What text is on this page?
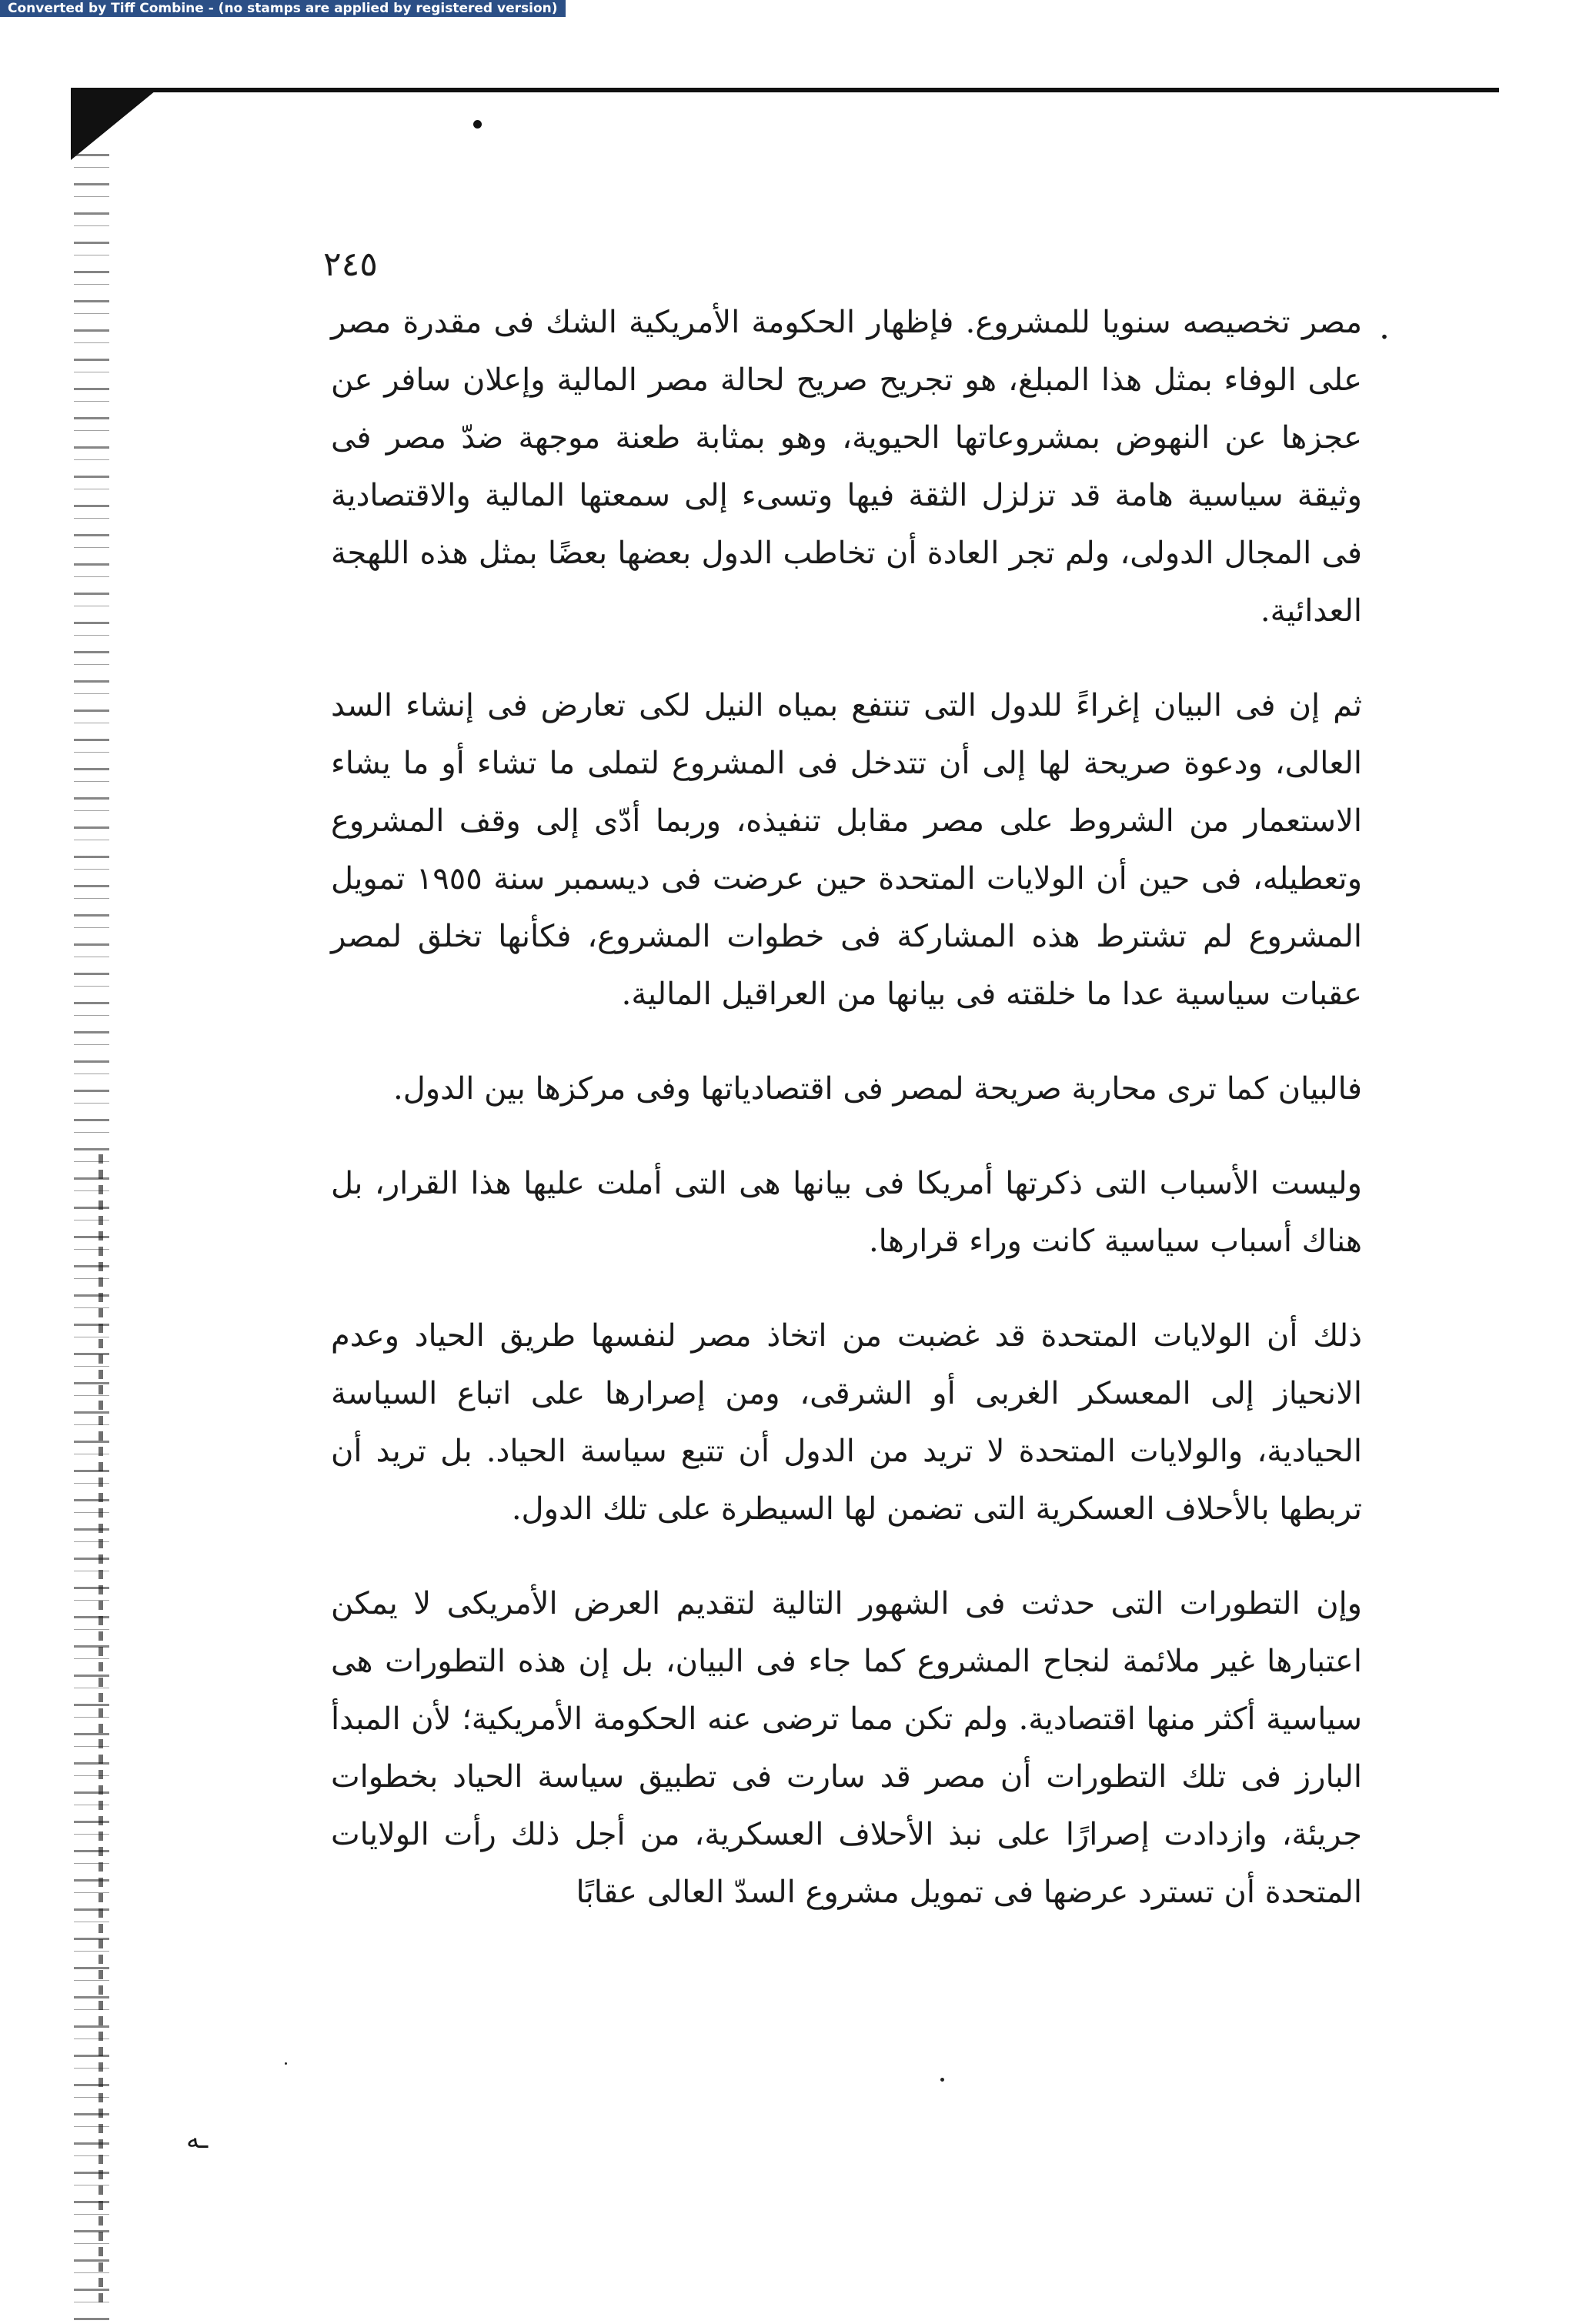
Converted by Tiff Combine - (no stamps are applied by registered version)
٢٤٥
.

مصر تخصيصه سنويا للمشروع. فإظهار الحكومة الأمريكية الشك فى مقدرة مصر على الوفاء بمثل هذا المبلغ، هو تجريح صريح لحالة مصر المالية وإعلان سافر عن عجزها عن النهوض بمشروعاتها الحيوية، وهو بمثابة طعنة موجهة ضدّ مصر فى وثيقة سياسية هامة قد تزلزل الثقة فيها وتسىء إلى سمعتها المالية والاقتصادية فى المجال الدولى، ولم تجر العادة أن تخاطب الدول بعضها بعضًا بمثل هذه اللهجة العدائية.

ثم إن فى البيان إغراءً للدول التى تنتفع بمياه النيل لكى تعارض فى إنشاء السد العالى، ودعوة صريحة لها إلى أن تتدخل فى المشروع لتملى ما تشاء أو ما يشاء الاستعمار من الشروط على مصر مقابل تنفيذه، وربما أدّى إلى وقف المشروع وتعطيله، فى حين أن الولايات المتحدة حين عرضت فى ديسمبر سنة ١٩٥٥ تمويل المشروع لم تشترط هذه المشاركة فى خطوات المشروع، فكأنها تخلق لمصر عقبات سياسية عدا ما خلقته فى بيانها من العراقيل المالية.

فالبيان كما ترى محاربة صريحة لمصر فى اقتصادياتها وفى مركزها بين الدول.

وليست الأسباب التى ذكرتها أمريكا فى بيانها هى التى أملت عليها هذا القرار، بل هناك أسباب سياسية كانت وراء قرارها.

ذلك أن الولايات المتحدة قد غضبت من اتخاذ مصر لنفسها طريق الحياد وعدم الانحياز إلى المعسكر الغربى أو الشرقى، ومن إصرارها على اتباع السياسة الحيادية، والولايات المتحدة لا تريد من الدول أن تتبع سياسة الحياد. بل تريد أن تربطها بالأحلاف العسكرية التى تضمن لها السيطرة على تلك الدول.

وإن التطورات التى حدثت فى الشهور التالية لتقديم العرض الأمريكى لا يمكن اعتبارها غير ملائمة لنجاح المشروع كما جاء فى البيان، بل إن هذه التطورات هى سياسية أكثر منها اقتصادية. ولم تكن مما ترضى عنه الحكومة الأمريكية؛ لأن المبدأ البارز فى تلك التطورات أن مصر قد سارت فى تطبيق سياسة الحياد بخطوات جريئة، وازدادت إصرارًا على نبذ الأحلاف العسكرية، من أجل ذلك رأت الولايات المتحدة أن تسترد عرضها فى تمويل مشروع السدّ العالى عقابًا

ـه
